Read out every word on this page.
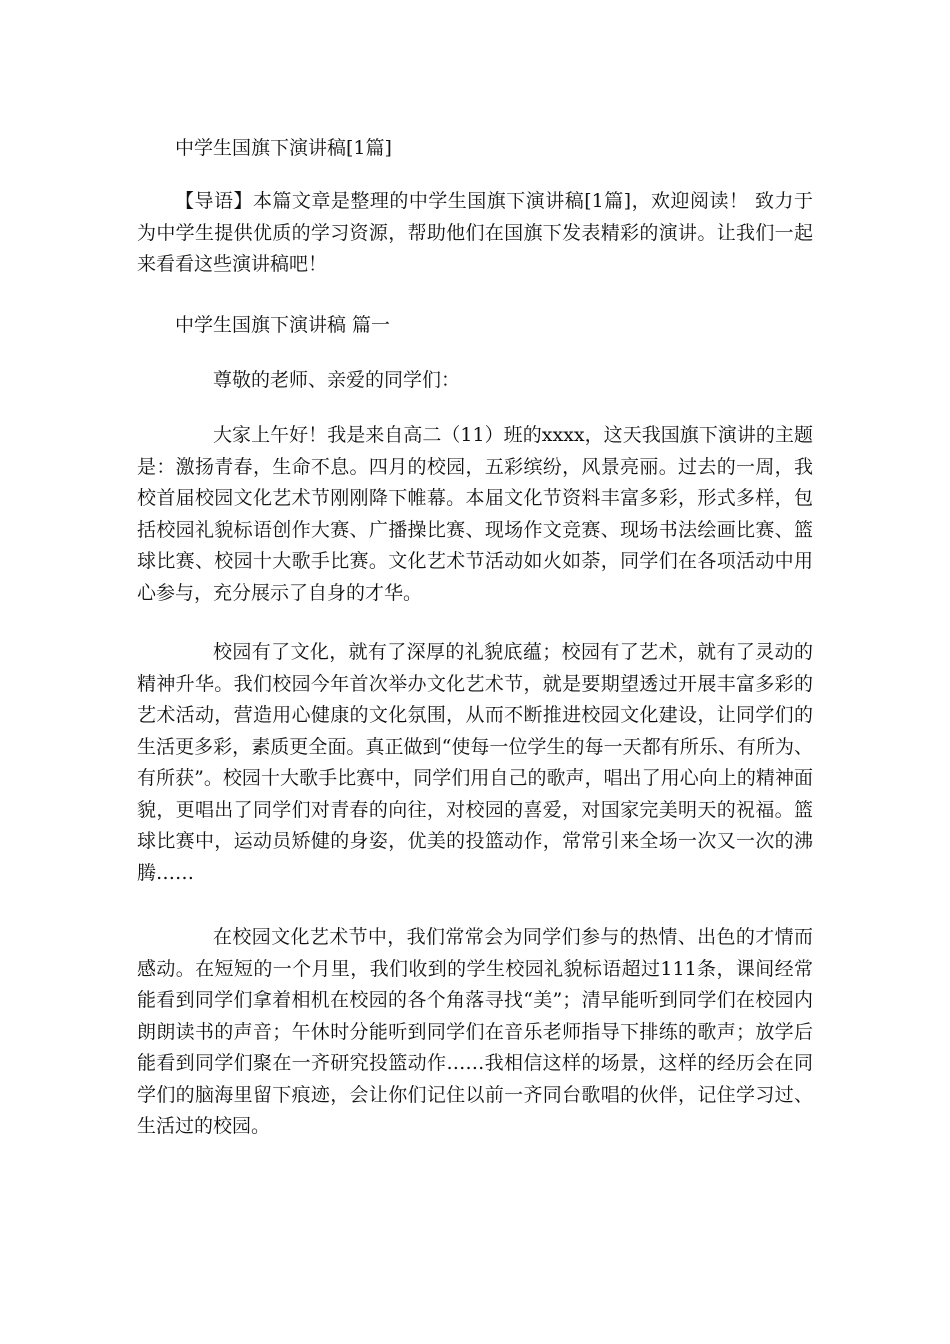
中学生国旗下演讲稿[1篇]

【导语】本篇文章是整理的中学生国旗下演讲稿[1篇]，欢迎阅读！ 致力于为中学生提供优质的学习资源，帮助他们在国旗下发表精彩的演讲。让我们一起来看看这些演讲稿吧！

中学生国旗下演讲稿 篇一

尊敬的老师、亲爱的同学们：

大家上午好！我是来自高二（11）班的xxxx，这天我国旗下演讲的主题是：激扬青春，生命不息。四月的校园，五彩缤纷，风景亮丽。过去的一周，我校首届校园文化艺术节刚刚降下帷幕。本届文化节资料丰富多彩，形式多样，包括校园礼貌标语创作大赛、广播操比赛、现场作文竞赛、现场书法绘画比赛、篮球比赛、校园十大歌手比赛。文化艺术节活动如火如荼，同学们在各项活动中用心参与，充分展示了自身的才华。

校园有了文化，就有了深厚的礼貌底蕴；校园有了艺术，就有了灵动的精神升华。我们校园今年首次举办文化艺术节，就是要期望透过开展丰富多彩的艺术活动，营造用心健康的文化氛围，从而不断推进校园文化建设，让同学们的生活更多彩，素质更全面。真正做到“使每一位学生的每一天都有所乐、有所为、有所获”。校园十大歌手比赛中，同学们用自己的歌声，唱出了用心向上的精神面貌，更唱出了同学们对青春的向往，对校园的喜爱，对国家完美明天的祝福。篮球比赛中，运动员矫健的身姿，优美的投篮动作，常常引来全场一次又一次的沸腾……

在校园文化艺术节中，我们常常会为同学们参与的热情、出色的才情而感动。在短短的一个月里，我们收到的学生校园礼貌标语超过111条，课间经常能看到同学们拿着相机在校园的各个角落寻找“美”；清早能听到同学们在校园内朗朗读书的声音；午休时分能听到同学们在音乐老师指导下排练的歌声；放学后能看到同学们聚在一齐研究投篮动作……我相信这样的场景，这样的经历会在同学们的脑海里留下痕迹，会让你们记住以前一齐同台歌唱的伙伴，记住学习过、生活过的校园。
